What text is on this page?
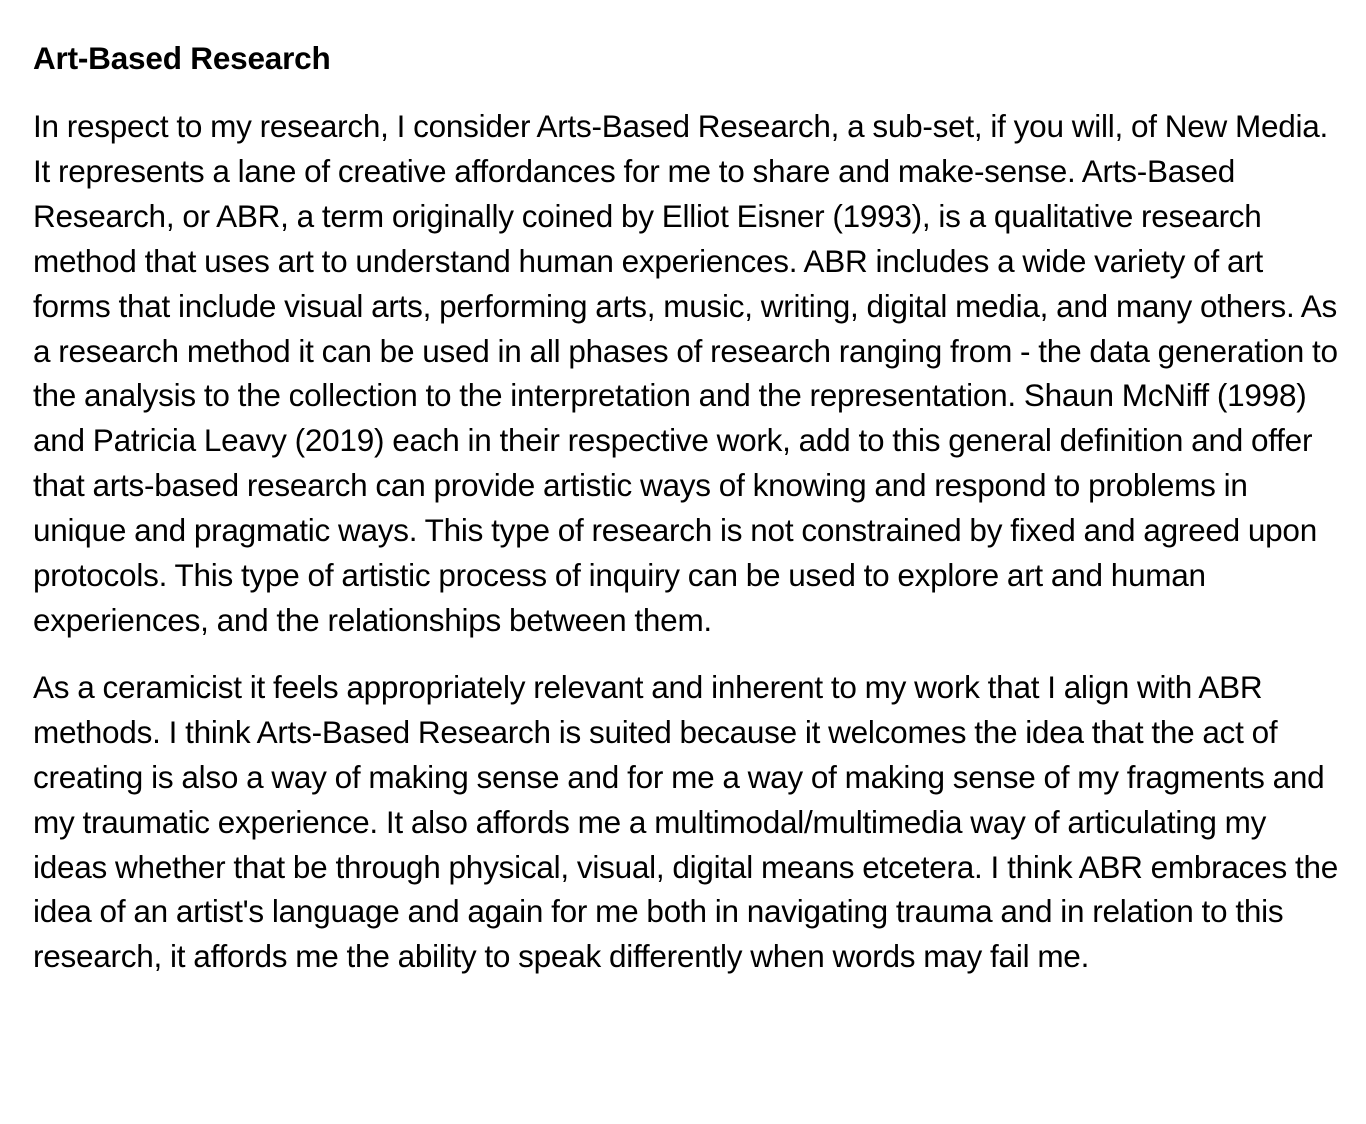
Art-Based Research

In respect to my research, I consider Arts-Based Research, a sub-set, if you will, of New Media. It represents a lane of creative affordances for me to share and make-sense. Arts-Based Research, or ABR, a term originally coined by Elliot Eisner (1993), is a qualitative research method that uses art to understand human experiences. ABR includes a wide variety of art forms that include visual arts, performing arts, music, writing, digital media, and many others. As a research method it can be used in all phases of research ranging from - the data generation to the analysis to the collection to the interpretation and the representation. Shaun McNiff (1998) and Patricia Leavy (2019) each in their respective work, add to this general definition and offer that arts-based research can provide artistic ways of knowing and respond to problems in unique and pragmatic ways. This type of research is not constrained by fixed and agreed upon protocols. This type of artistic process of inquiry can be used to explore art and human experiences, and the relationships between them.

As a ceramicist it feels appropriately relevant and inherent to my work that I align with ABR methods. I think Arts-Based Research is suited because it welcomes the idea that the act of creating is also a way of making sense and for me a way of making sense of my fragments and my traumatic experience. It also affords me a multimodal/multimedia way of articulating my ideas whether that be through physical, visual, digital means etcetera. I think ABR embraces the idea of an artist's language and again for me both in navigating trauma and in relation to this research, it affords me the ability to speak differently when words may fail me.
